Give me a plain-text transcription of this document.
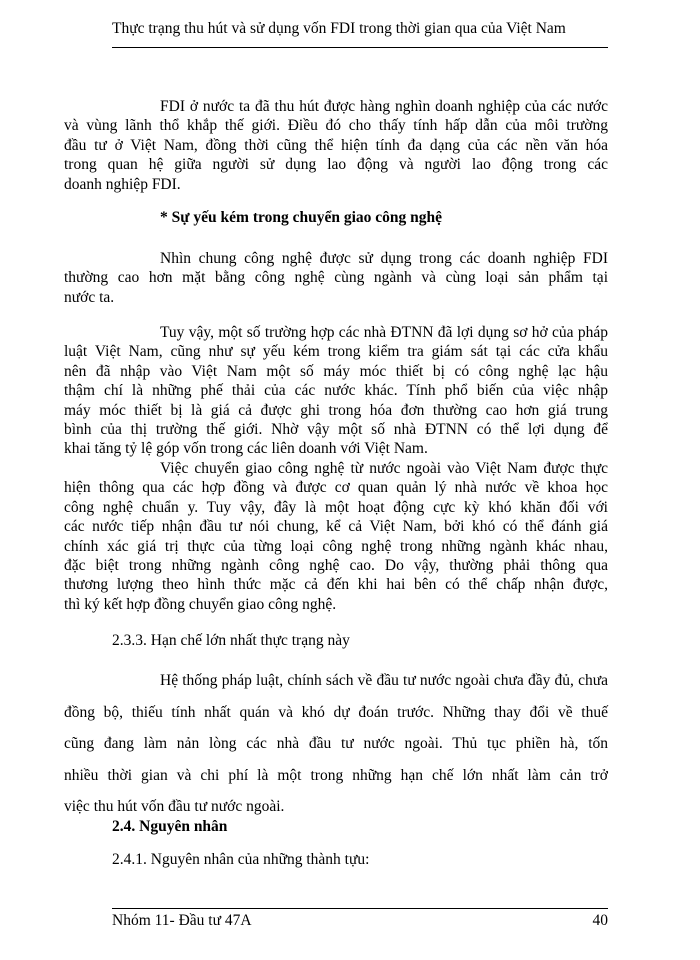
Thực trạng thu hút và sử dụng vốn FDI trong thời gian qua của Việt Nam
FDI ở nước ta đã thu hút được hàng nghìn doanh nghiệp của các nước
và vùng lãnh thổ khắp thế giới. Điều đó cho thấy tính hấp dẫn của môi trường
đầu tư ở Việt Nam, đồng thời cũng thể hiện tính đa dạng của các nền văn hóa
trong quan hệ giữa người sử dụng lao động và người lao động trong các
doanh nghiệp FDI.
* Sự yếu kém trong chuyển giao công nghệ
Nhìn chung công nghệ được sử dụng trong các doanh nghiệp FDI
thường cao hơn mặt bằng công nghệ cùng ngành và cùng loại sản phẩm tại
nước ta.
Tuy vậy, một số trường hợp các nhà ĐTNN đã lợi dụng sơ hở của pháp
luật Việt Nam, cũng như sự yếu kém trong kiểm tra giám sát tại các cửa khẩu
nên đã nhập vào Việt Nam một số máy móc thiết bị có công nghệ lạc hậu
thậm chí là những phế thải của các nước khác. Tính phổ biến của việc nhập
máy móc thiết bị là giá cả được ghi trong hóa đơn thường cao hơn giá trung
bình của thị trường thế giới. Nhờ vậy một số nhà ĐTNN có thể lợi dụng để
khai tăng tỷ lệ góp vốn trong các liên doanh với Việt Nam.
Việc chuyển giao công nghệ từ nước ngoài vào Việt Nam được thực
hiện thông qua các hợp đồng và được cơ quan quản lý nhà nước về khoa học
công nghệ chuẩn y. Tuy vậy, đây là một hoạt động cực kỳ khó khăn đối với
các nước tiếp nhận đầu tư nói chung, kể cả Việt Nam, bởi khó có thể đánh giá
chính xác giá trị thực của từng loại công nghệ trong những ngành khác nhau,
đặc biệt trong những ngành công nghệ cao. Do vậy, thường phải thông qua
thương lượng theo hình thức mặc cả đến khi hai bên có thể chấp nhận được,
thì ký kết hợp đồng chuyển giao công nghệ.
2.3.3. Hạn chế lớn nhất thực trạng này
Hệ thống pháp luật, chính sách về đầu tư nước ngoài chưa đầy đủ, chưa
đồng bộ, thiếu tính nhất quán và khó dự đoán trước. Những thay đổi về thuế
cũng đang làm nản lòng các nhà đầu tư nước ngoài. Thủ tục phiền hà, tốn
nhiều thời gian và chi phí là một trong những hạn chế lớn nhất làm cản trở
việc thu hút vốn đầu tư nước ngoài.
2.4. Nguyên nhân
2.4.1. Nguyên nhân của những thành tựu:
Nhóm 11- Đầu tư 47A	40
